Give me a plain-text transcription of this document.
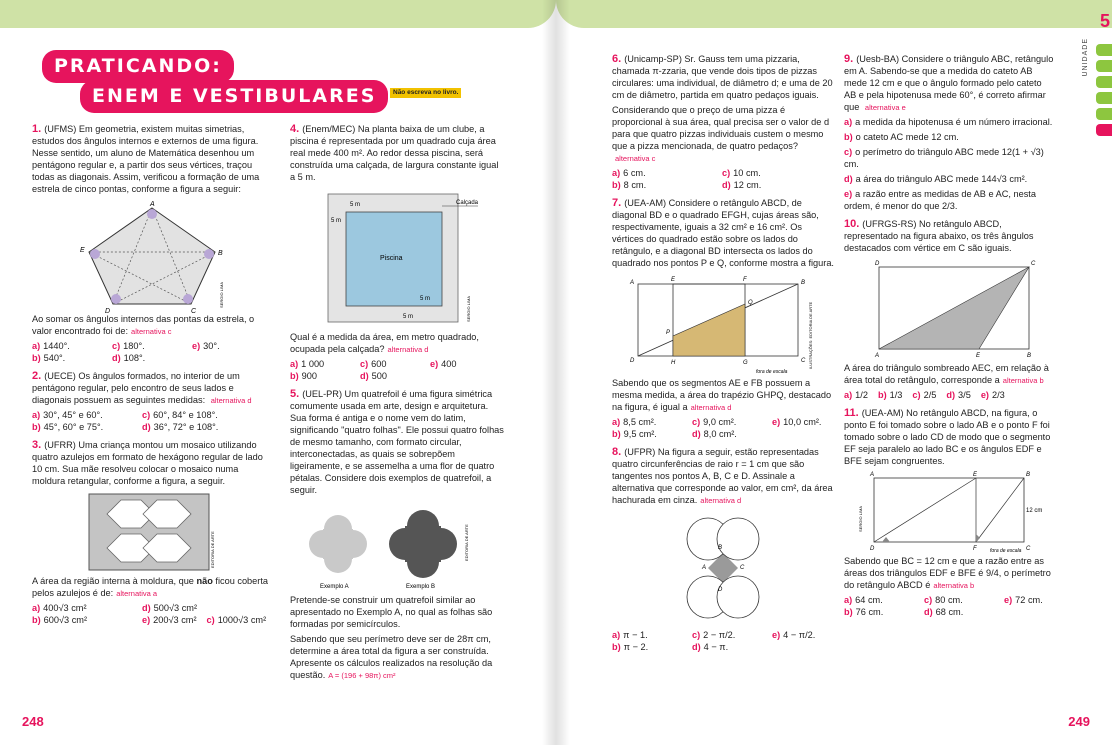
PRATICANDO:
ENEM E VESTIBULARES	Não escreva no livro.

1. (UFMS) Em geometria, existem muitas simetrias, estudos dos ângulos internos e externos de uma figura. Nesse sentido, um aluno de Matemática desenhou um pentágono regular e, a partir dos seus vértices, traçou todas as diagonais. Assim, verificou a formação de uma estrela de cinco pontas, conforme a figura a seguir:

A
B
C
D
E
SERGIO LIMA

Ao somar os ângulos internos das pontas da estrela, o valor encontrado foi de: alternativa c

a) 1440°.	c) 180°.	e) 30°.
b) 540°.	d) 108°.

2. (UECE) Os ângulos formados, no interior de um pentágono regular, pelo encontro de seus lados e diagonais possuem as seguintes medidas: alternativa d

a) 30°, 45° e 60°.	c) 60°, 84° e 108°.
b) 45°, 60° e 75°.	d) 36°, 72° e 108°.

3. (UFRR) Uma criança montou um mosaico utilizando quatro azulejos em formato de hexágono regular de lado 10 cm. Sua mãe resolveu colocar o mosaico numa moldura retangular, conforme a figura, a seguir.

EDITORIA DE ARTE

A área da região interna à moldura, que não ficou coberta pelos azulejos é de: alternativa a

a) 400√3 cm²	d) 500√3 cm²
b) 600√3 cm²	e) 200√3 cm² c) 1000√3 cm²

4. (Enem/MEC) Na planta baixa de um clube, a piscina é representada por um quadrado cuja área real mede 400 m². Ao redor dessa piscina, será construída uma calçada, de largura constante igual a 5 m.

Calçada
Piscina
5 m
5 m
5 m
5 m	SERGIO LIMA

Qual é a medida da área, em metro quadrado, ocupada pela calçada? alternativa d

a) 1 000	c) 600	e) 400
b) 900	d) 500

5. (UEL-PR) Um quatrefoil é uma figura simétrica comumente usada em arte, design e arquitetura. Sua forma é antiga e o nome vem do latim, significando "quatro folhas". Ele possui quatro folhas de mesmo tamanho, com formato circular, interconectadas, as quais se sobrepõem ligeiramente, e se assemelha a uma flor de quatro pétalas. Considere dois exemplos de quatrefoil, a seguir.

Exemplo A	Exemplo B
EDITORIA DE ARTE

Pretende-se construir um quatrefoil similar ao apresentado no Exemplo A, no qual as folhas são formadas por semicírculos.

Sabendo que seu perímetro deve ser de 28π cm, determine a área total da figura a ser construída. Apresente os cálculos realizados na resolução da questão. A = (196 + 98π) cm²

248
5
UNIDADE

6. (Unicamp-SP) Sr. Gauss tem uma pizzaria, chamada π-zzaria, que vende dois tipos de pizzas circulares: uma individual, de diâmetro d; e uma de 20 cm de diâmetro, partida em quatro pedaços iguais.

Considerando que o preço de uma pizza é proporcional à sua área, qual precisa ser o valor de d para que quatro pizzas individuais custem o mesmo que a pizza mencionada, de quatro pedaços?alternativa c

a) 6 cm.	c) 10 cm.
b) 8 cm.	d) 12 cm.

7. (UEA-AM) Considere o retângulo ABCD, de diagonal BD e o quadrado EFGH, cujas áreas são, respectivamente, iguais a 32 cm² e 16 cm². Os vértices do quadrado estão sobre os lados do retângulo, e a diagonal BD intersecta os lados do quadrado nos pontos P e Q, conforme mostra a figura.

A	E	F	B
Q
P
D	H	G	C
fora de escala
ILUSTRAÇÕES: EDITORIA DE ARTE

Sabendo que os segmentos AE e FB possuem a mesma medida, a área do trapézio GHPQ, destacado na figura, é igual a alternativa d

a) 8,5 cm².	c) 9,0 cm².	e) 10,0 cm².
b) 9,5 cm².	d) 8,0 cm².

8. (UFPR) Na figura a seguir, estão representadas quatro circunferências de raio r = 1 cm que são tangentes nos pontos A, B, C e D. Assinale a alternativa que corresponde ao valor, em cm², da área hachurada em cinza. alternativa d

B
A	C
D
a) π − 1.	c) 2 − π/2.	e) 4 − π/2.
b) π − 2.	d) 4 − π.

9. (Uesb-BA) Considere o triângulo ABC, retângulo em A. Sabendo-se que a medida do cateto AB mede 12 cm e que o ângulo formado pelo cateto AB e pela hipotenusa mede 60°, é correto afirmar que alternativa e

a) a medida da hipotenusa é um número irracional.

b) o cateto AC mede 12 cm.

c) o perímetro do triângulo ABC mede 12(1 + √3) cm.

d) a área do triângulo ABC mede 144√3 cm².

e) a razão entre as medidas de AB e AC, nesta ordem, é menor do que 2/3.

10. (UFRGS-RS) No retângulo ABCD, representado na figura abaixo, os três ângulos destacados com vértice em C são iguais.

D	C
A	E	B

A área do triângulo sombreado AEC, em relação à área total do retângulo, corresponde a alternativa b

a) 1/2 b) 1/3 c) 2/5 d) 3/5 e) 2/3

11. (UEA-AM) No retângulo ABCD, na figura, o ponto E foi tomado sobre o lado AB e o ponto F foi tomado sobre o lado CD de modo que o segmento EF seja paralelo ao lado BC e os ângulos EDF e BFE sejam congruentes.

A	E	B
D	F	C
12 cm
fora de escala
SERGIO LIMA

Sabendo que BC = 12 cm e que a razão entre as áreas dos triângulos EDF e BFE é 9/4, o perímetro do retângulo ABCD é alternativa b

a) 64 cm.	c) 80 cm.	e) 72 cm.
b) 76 cm.	d) 68 cm.
249
